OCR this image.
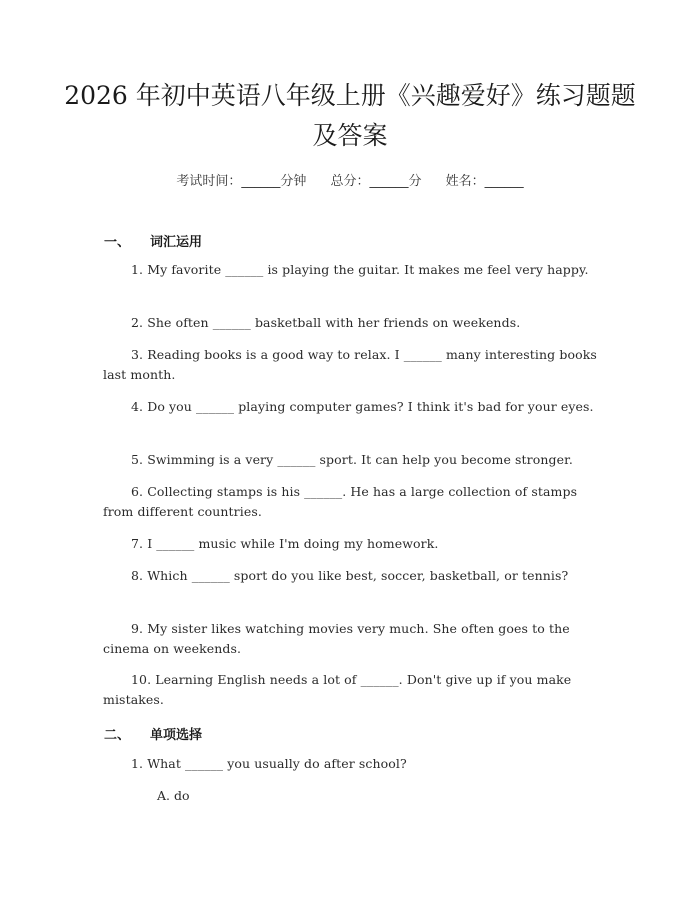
2026 年初中英语八年级上册《兴趣爱好》练习题题及答案
考试时间：______分钟 总分：______分 姓名：______
一、 词汇运用
1. My favorite ______ is playing the guitar. It makes me feel very happy.
2. She often ______ basketball with her friends on weekends.
3. Reading books is a good way to relax. I ______ many interesting books last month.
4. Do you ______ playing computer games? I think it's bad for your eyes.
5. Swimming is a very ______ sport. It can help you become stronger.
6. Collecting stamps is his ______. He has a large collection of stamps from different countries.
7. I ______ music while I'm doing my homework.
8. Which ______ sport do you like best, soccer, basketball, or tennis?
9. My sister likes watching movies very much. She often goes to the cinema on weekends.
10. Learning English needs a lot of ______. Don't give up if you make mistakes.
二、 单项选择
1. What ______ you usually do after school?
A. do
